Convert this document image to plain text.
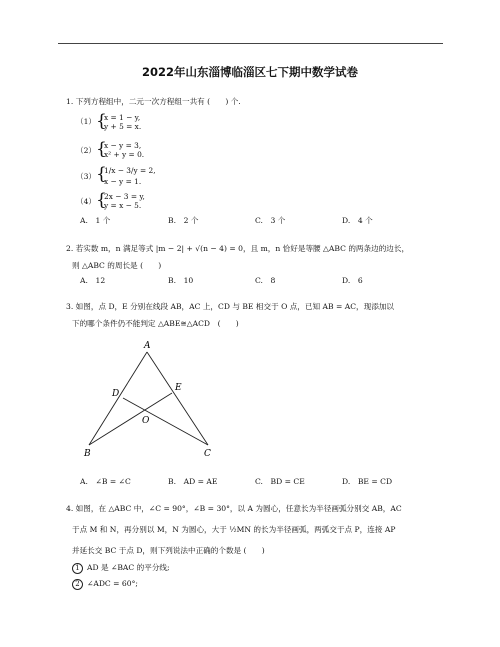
2022年山东淄博临淄区七下期中数学试卷
1. 下列方程组中，二元一次方程组一共有 (　　) 个.
（1） {
x = 1 − y,
y + 5 = x.
（2） {
x − y = 3,
x² + y = 0.
（3） {
1/x − 3/y = 2,
x − y = 1.
（4） {
2x − 3 = y,
y = x − 5.
A.　1 个	B.　2 个	C.　3 个	D.　4 个
2. 若实数 m，n 满足等式 |m − 2| + √(n − 4) = 0，且 m，n 恰好是等腰 △ABC 的两条边的边长，
则 △ABC 的周长是 (　　)
A.　12	B.　10	C.　8	D.　6
3. 如图，点 D，E 分别在线段 AB，AC 上，CD 与 BE 相交于 O 点，已知 AB = AC，现添加以
下的哪个条件仍不能判定 △ABE≅△ACD　(　　)
A
D
E
O
B	C
A.　∠B = ∠C	B.　AD = AE	C.　BD = CE	D.　BE = CD
4. 如图，在 △ABC 中，∠C = 90°，∠B = 30°，以 A 为圆心，任意长为半径画弧分别交 AB，AC
于点 M 和 N，再分别以 M，N 为圆心，大于 ½MN 的长为半径画弧，两弧交于点 P，连接 AP
并延长交 BC 于点 D，则下列说法中正确的个数是 (　　)
1 AD 是 ∠BAC 的平分线;
2 ∠ADC = 60°;
